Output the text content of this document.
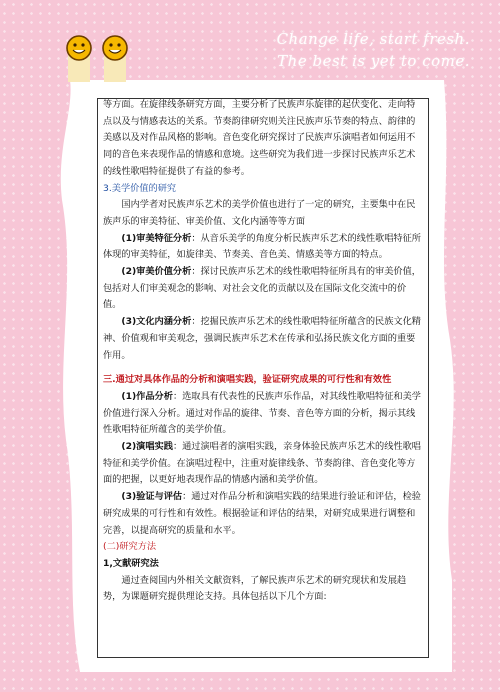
Change life, start fresh.
The best is yet to come.

等方面。在旋律线条研究方面，主要分析了民族声乐旋律的起伏变化、走向特点以及与情感表达的关系。节奏韵律研究则关注民族声乐节奏的特点、韵律的美感以及对作品风格的影响。音色变化研究探讨了民族声乐演唱者如何运用不同的音色来表现作品的情感和意境。这些研究为我们进一步探讨民族声乐艺术的线性歌唱特征提供了有益的参考。

3.美学价值的研究

国内学者对民族声乐艺术的美学价值也进行了一定的研究，主要集中在民族声乐的审美特征、审美价值、文化内涵等等方面

(1)审美特征分析：从音乐美学的角度分析民族声乐艺术的线性歌唱特征所体现的审美特征，如旋律美、节奏美、音色美、情感美等方面的特点。

(2)审美价值分析：探讨民族声乐艺术的线性歌唱特征所具有的审美价值，包括对人们审美观念的影响、对社会文化的贡献以及在国际文化交流中的价值。

(3)文化内涵分析：挖掘民族声乐艺术的线性歌唱特征所蕴含的民族文化精神、价值观和审美观念，强调民族声乐艺术在传承和弘扬民族文化方面的重要作用。

三.通过对具体作品的分析和演唱实践，验证研究成果的可行性和有效性

(1)作品分析：选取具有代表性的民族声乐作品，对其线性歌唱特征和美学价值进行深入分析。通过对作品的旋律、节奏、音色等方面的分析，揭示其线性歌唱特征所蕴含的美学价值。

(2)演唱实践：通过演唱者的演唱实践，亲身体验民族声乐艺术的线性歌唱特征和美学价值。在演唱过程中，注重对旋律线条、节奏韵律、音色变化等方面的把握，以更好地表现作品的情感内涵和美学价值。

(3)验证与评估：通过对作品分析和演唱实践的结果进行验证和评估，检验研究成果的可行性和有效性。根据验证和评估的结果，对研究成果进行调整和完善，以提高研究的质量和水平。

(二)研究方法

1,文献研究法

通过查阅国内外相关文献资料，了解民族声乐艺术的研究现状和发展趋势，为课题研究提供理论支持。具体包括以下几个方面:
